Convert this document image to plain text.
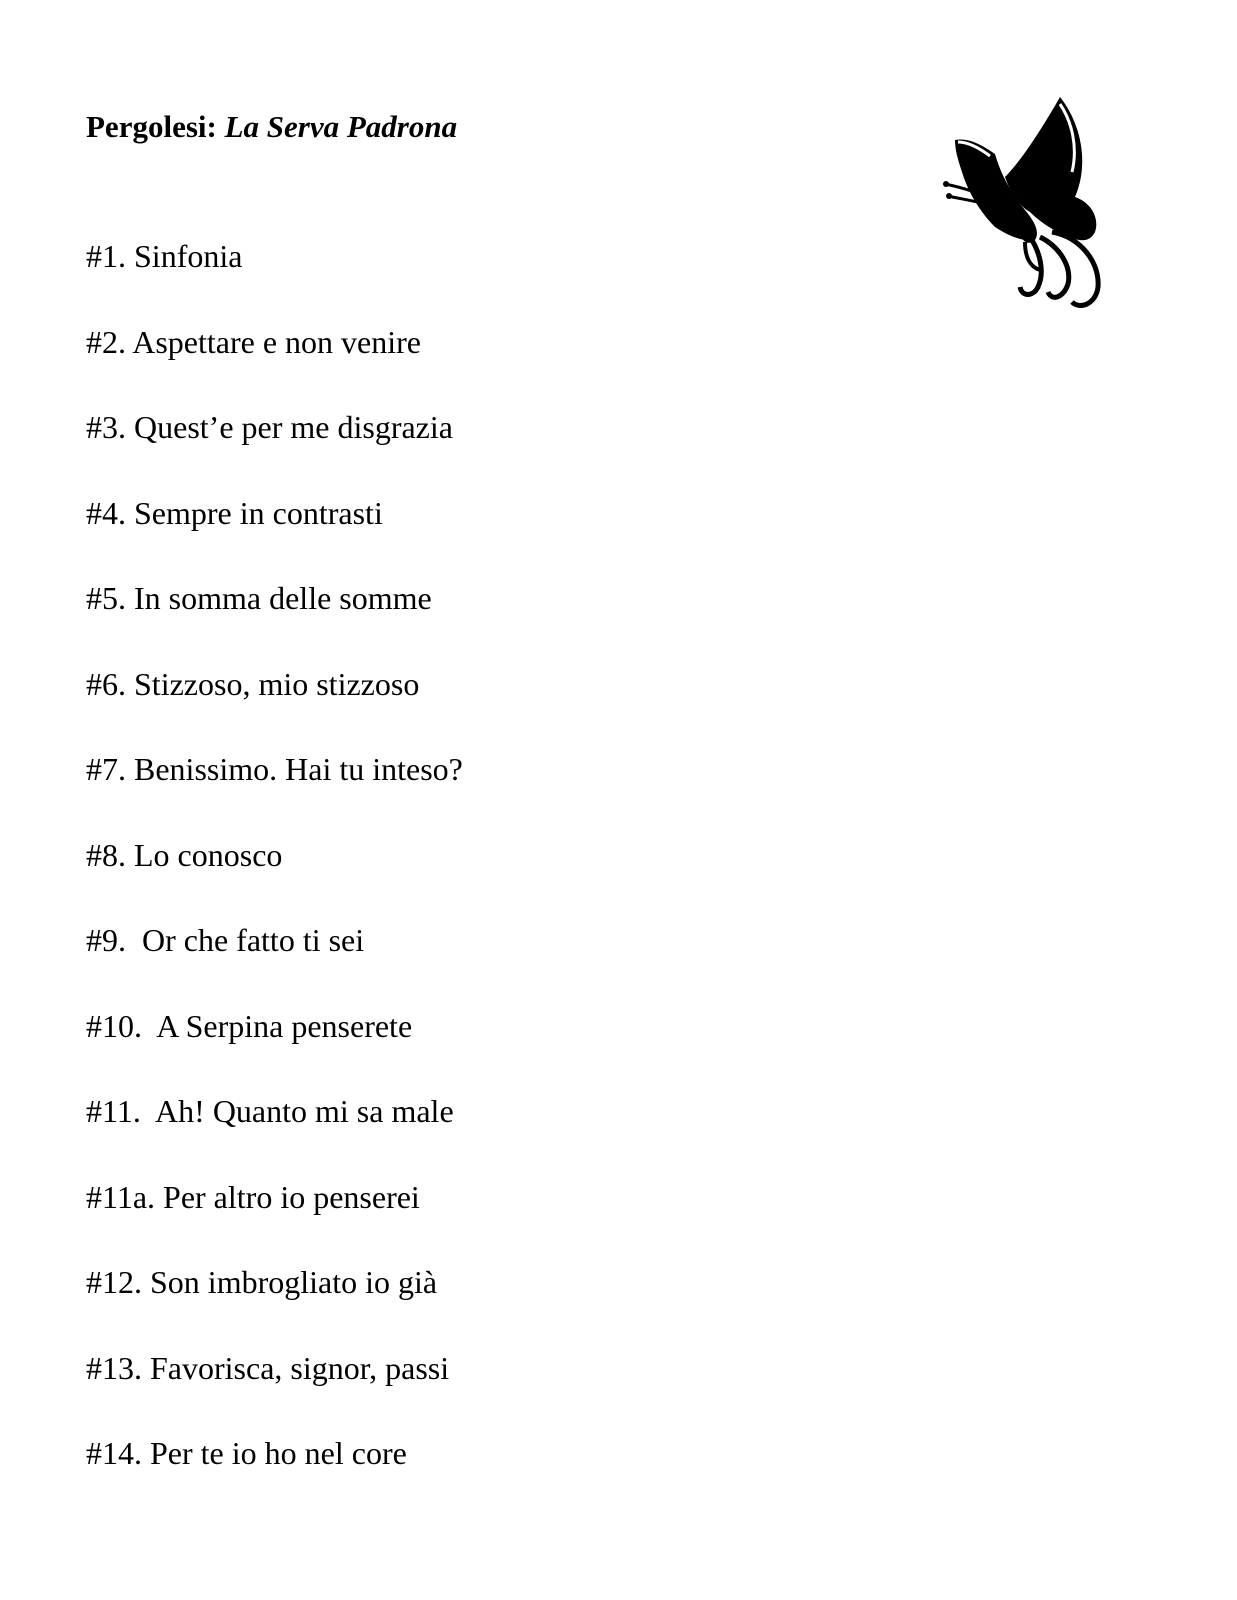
Pergolesi: La Serva Padrona
#1. Sinfonia
#2. Aspettare e non venire
#3. Quest’e per me disgrazia
#4. Sempre in contrasti
#5. In somma delle somme
#6. Stizzoso, mio stizzoso
#7. Benissimo. Hai tu inteso?
#8. Lo conosco
#9.  Or che fatto ti sei
#10.  A Serpina penserete
#11.  Ah! Quanto mi sa male
#11a. Per altro io penserei
#12. Son imbrogliato io già
#13. Favorisca, signor, passi
#14. Per te io ho nel core
